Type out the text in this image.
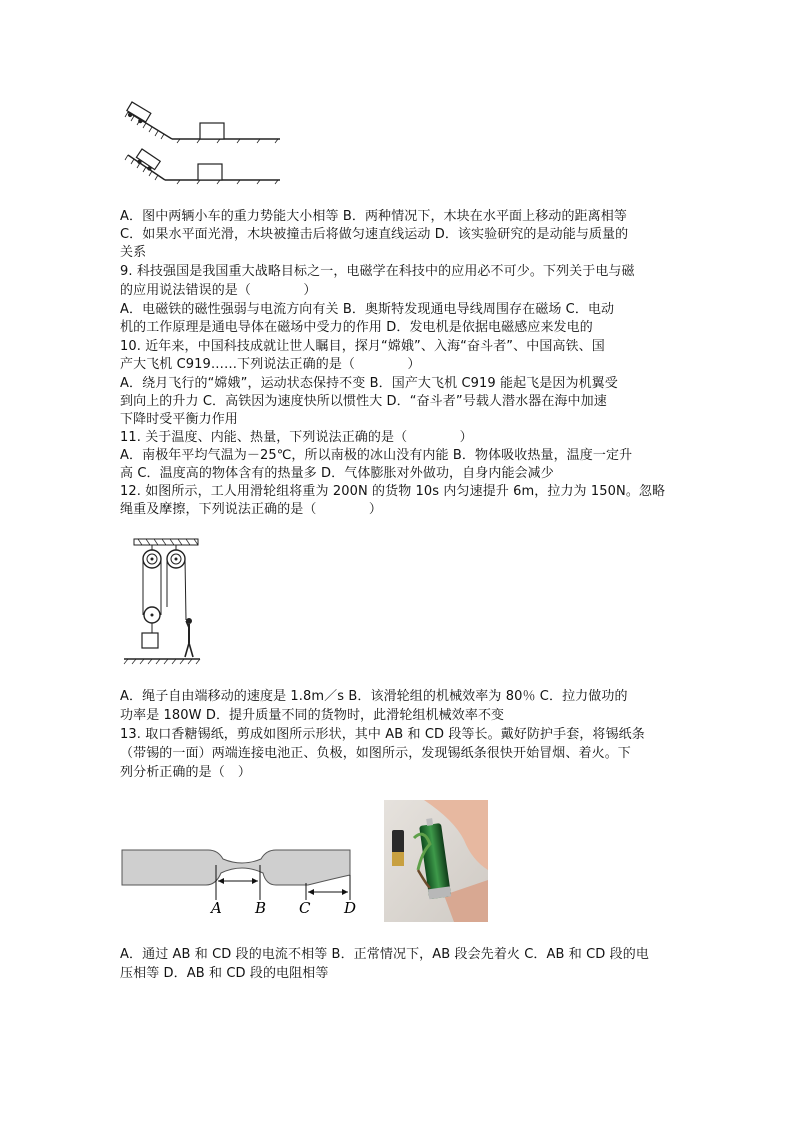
A．图中两辆小车的重力势能大小相等 B．两种情况下，木块在水平面上移动的距离相等
C．如果水平面光滑，木块被撞击后将做匀速直线运动 D．该实验研究的是动能与质量的
关系
9. 科技强国是我国重大战略目标之一，电磁学在科技中的应用必不可少。下列关于电与磁
的应用说法错误的是（　　　　）
A．电磁铁的磁性强弱与电流方向有关 B．奥斯特发现通电导线周围存在磁场 C．电动
机的工作原理是通电导体在磁场中受力的作用 D．发电机是依据电磁感应来发电的
10. 近年来，中国科技成就让世人瞩目，探月“嫦娥”、入海“奋斗者”、中国高铁、国
产大飞机 C919……下列说法正确的是（　　　　）
A．绕月飞行的“嫦娥”，运动状态保持不变 B．国产大飞机 C919 能起飞是因为机翼受
到向上的升力 C．高铁因为速度快所以惯性大 D．“奋斗者”号载人潜水器在海中加速
下降时受平衡力作用
11. 关于温度、内能、热量，下列说法正确的是（　　　　）
A．南极年平均气温为－25℃，所以南极的冰山没有内能 B．物体吸收热量，温度一定升
高 C．温度高的物体含有的热量多 D．气体膨胀对外做功，自身内能会减少
12. 如图所示，工人用滑轮组将重为 200N 的货物 10s 内匀速提升 6m，拉力为 150N。忽略
绳重及摩擦，下列说法正确的是（　　　　）
A．绳子自由端移动的速度是 1.8m／s B．该滑轮组的机械效率为 80％ C．拉力做功的
功率是 180W D．提升质量不同的货物时，此滑轮组机械效率不变
13. 取口香糖锡纸，剪成如图所示形状，其中 AB 和 CD 段等长。戴好防护手套，将锡纸条
（带锡的一面）两端连接电池正、负极，如图所示，发现锡纸条很快开始冒烟、着火。下
列分析正确的是（　）
A B C D
A．通过 AB 和 CD 段的电流不相等 B．正常情况下，AB 段会先着火 C．AB 和 CD 段的电
压相等 D．AB 和 CD 段的电阻相等
